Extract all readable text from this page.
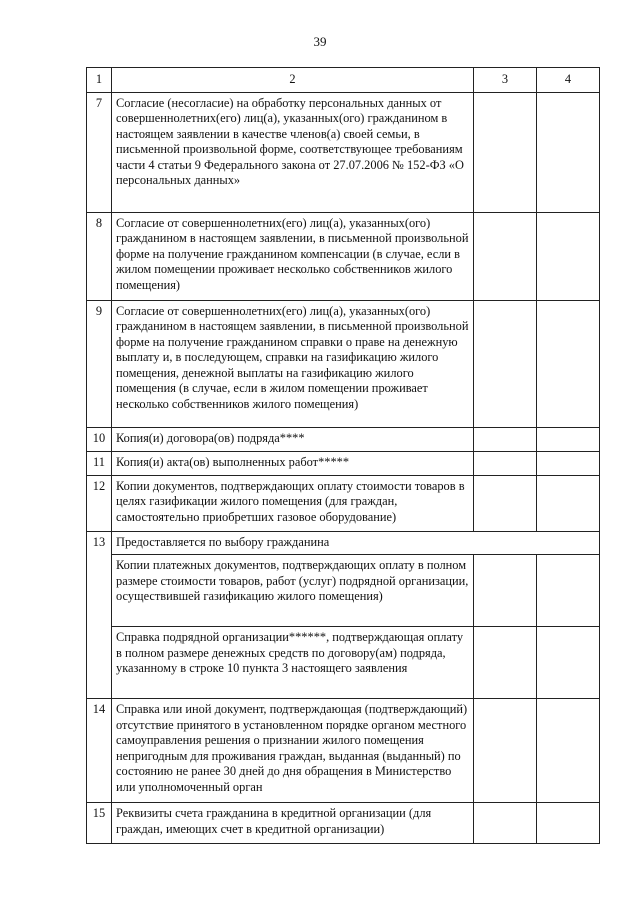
39
1	2	3	4
7	Согласие (несогласие) на обработку персональных данных от совершеннолетних(его) лиц(а), указанных(ого) гражданином в настоящем заявлении в качестве членов(а) своей семьи, в письменной произвольной форме, соответствующее требованиям части 4 статьи 9 Федерального закона от 27.07.2006 № 152-ФЗ «О персональных данных»		
8	Согласие от совершеннолетних(его) лиц(а), указанных(ого) гражданином в настоящем заявлении, в письменной произвольной форме на получение гражданином компенсации (в случае, если в жилом помещении проживает несколько собственников жилого помещения)		
9	Согласие от совершеннолетних(его) лиц(а), указанных(ого) гражданином в настоящем заявлении, в письменной произвольной форме на получение гражданином справки о праве на денежную выплату и, в последующем, справки на газификацию жилого помещения, денежной выплаты на газификацию жилого помещения (в случае, если в жилом помещении проживает несколько собственников жилого помещения)		
10	Копия(и) договора(ов) подряда****		
11	Копия(и) акта(ов) выполненных работ*****		
12	Копии документов, подтверждающих оплату стоимости товаров в целях газификации жилого помещения (для граждан, самостоятельно приобретших газовое оборудование)		
13	Предоставляется по выбору гражданина		
	Копии платежных документов, подтверждающих оплату в полном размере стоимости товаров, работ (услуг) подрядной организации, осуществившей газификацию жилого помещения)		
	Справка подрядной организации******, подтверждающая оплату в полном размере денежных средств по договору(ам) подряда, указанному в строке 10 пункта 3 настоящего заявления		
14	Справка или иной документ, подтверждающая (подтверждающий) отсутствие принятого в установленном порядке органом местного самоуправления решения о признании жилого помещения непригодным для проживания граждан, выданная (выданный) по состоянию не ранее 30 дней до дня обращения в Министерство или уполномоченный орган		
15	Реквизиты счета гражданина в кредитной организации (для граждан, имеющих счет в кредитной организации)		
